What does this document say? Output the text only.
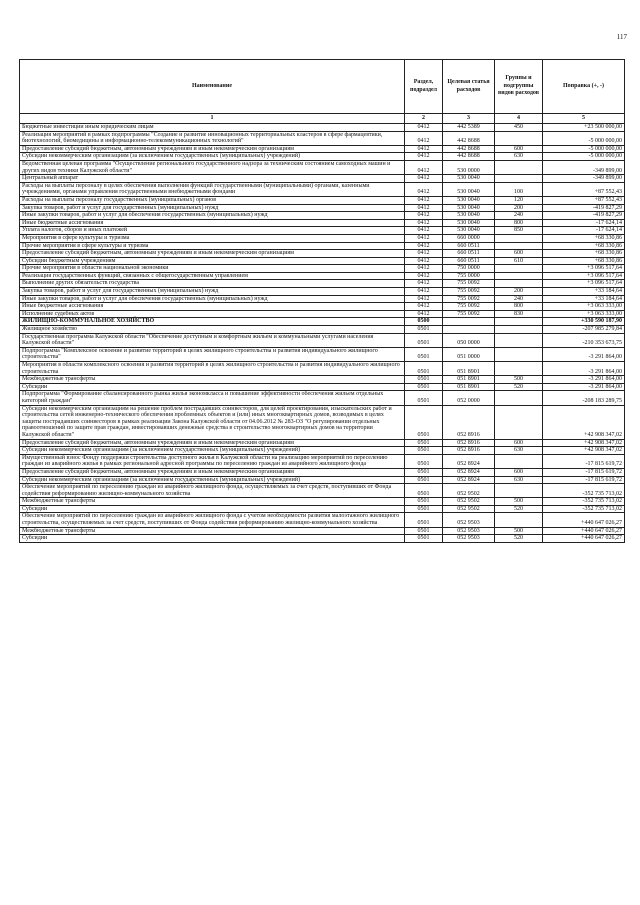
117
Наименование	Раздел, подраздел	Целевая статья расходов	Группы и подгруппы видов расходов	Поправка (+, -)
1	2	3	4	5
Бюджетные инвестиции иным юридическим лицам	0412	442 5389	450	+23 500 000,00
Реализация мероприятий в рамках подпрограммы "Создание и развитие инновационных территориальных кластеров в сфере фармацевтики, биотехнологий, биомедицины и информационно-телекоммуникационных технологий"	0412	442 8688		-5 000 000,00
Предоставление субсидий бюджетным, автономным учреждениям и иным некоммерческим организациям	0412	442 8688	600	-5 000 000,00
Субсидии некоммерческим организациям (за исключением государственных (муниципальных) учреждений)	0412	442 8688	630	-5 000 000,00
Ведомственная целевая программа "Осуществление регионального государственного надзора за техническим состоянием самоходных машин и других видов техники Калужской области"	0412	530 0000		-349 899,00
Центральный аппарат	0412	530 0040		-349 899,00
Расходы на выплаты персоналу в целях обеспечения выполнения функций государственными (муниципальными) органами, казенными учреждениями, органами управления государственными внебюджетными фондами	0412	530 0040	100	+87 552,43
Расходы на выплаты персоналу государственных (муниципальных) органов	0412	530 0040	120	+87 552,43
Закупка товаров, работ и услуг для государственных (муниципальных) нужд	0412	530 0040	200	-419 827,29
Иные закупки товаров, работ и услуг для обеспечения государственных (муниципальных) нужд	0412	530 0040	240	-419 827,29
Иные бюджетные ассигнования	0412	530 0040	800	-17 624,14
Уплата налогов, сборов и иных платежей	0412	530 0040	850	-17 624,14
Мероприятия в сфере культуры и туризма	0412	660 0000		+68 330,86
Прочие мероприятия в сфере культуры и туризма	0412	660 0511		+68 330,86
Предоставление субсидий бюджетным, автономным учреждениям и иным некоммерческим организациям	0412	660 0511	600	+68 330,86
Субсидии бюджетным учреждениям	0412	660 0511	610	+68 330,86
Прочие мероприятия в области национальной экономики	0412	750 0000		+3 096 517,64
Реализация государственных функций, связанных с общегосударственным управлением	0412	755 0000		+3 096 517,64
Выполнение других обязательств государства	0412	755 0092		+3 096 517,64
Закупка товаров, работ и услуг для государственных (муниципальных) нужд	0412	755 0092	200	+33 184,64
Иные закупки товаров, работ и услуг для обеспечения государственных (муниципальных) нужд	0412	755 0092	240	+33 184,64
Иные бюджетные ассигнования	0412	755 0092	800	+3 063 333,00
Исполнение судебных актов	0412	755 0092	830	+3 063 333,00
ЖИЛИЩНО-КОММУНАЛЬНОЕ ХОЗЯЙСТВО	0500			+330 590 187,90
Жилищное хозяйство	0501			-207 985 279,84
Государственная программа Калужской области "Обеспечение доступным и комфортным жильем и коммунальными услугами населения Калужской области"	0501	050 0000		-210 353 673,75
Подпрограмма "Комплексное освоение и развитие территорий в целях жилищного строительства и развития индивидуального жилищного строительства"	0501	051 0000		-3 291 864,00
Мероприятия в области комплексного освоения и развития территорий в целях жилищного строительства и развития индивидуального жилищного строительства	0501	051 8901		-3 291 864,00
Межбюджетные трансферты	0501	051 8901	500	-3 291 864,00
Субсидии	0501	051 8901	520	-3 291 864,00
Подпрограмма "Формирование сбалансированного рынка жилья экономкласса и повышение эффективности обеспечения жильем отдельных категорий граждан"	0501	052 0000		-208 183 289,75
Субсидии некоммерческим организациям на решение проблем пострадавших соинвесторов, для целей проектирования, изыскательских работ и строительства сетей инженерно-технического обеспечения проблемных объектов и (или) иных многоквартирных домов, возводимых в целях защиты пострадавших соинвесторов в рамках реализации Закона Калужской области от 04.06.2012 № 283-ОЗ "О регулировании отдельных правоотношений по защите прав граждан, инвестировавших денежные средства в строительство многоквартирных домов на территории Калужской области"	0501	052 8916		+42 908 347,02
Предоставление субсидий бюджетным, автономным учреждениям и иным некоммерческим организациям	0501	052 8916	600	+42 908 347,02
Субсидии некоммерческим организациям (за исключением государственных (муниципальных) учреждений)	0501	052 8916	630	+42 908 347,02
Имущественный взнос Фонду поддержки строительства доступного жилья в Калужской области на реализацию мероприятий по переселению граждан из аварийного жилья в рамках региональной адресной программы по переселению граждан из аварийного жилищного фонда	0501	052 8924		-17 815 619,72
Предоставление субсидий бюджетным, автономным учреждениям и иным некоммерческим организациям	0501	052 8924	600	-17 815 619,72
Субсидии некоммерческим организациям (за исключением государственных (муниципальных) учреждений)	0501	052 8924	630	-17 815 619,72
Обеспечение мероприятий по переселению граждан из аварийного жилищного фонда, осуществляемых за счет средств, поступивших от Фонда содействия реформированию жилищно-коммунального хозяйства	0501	052 9502		-352 735 713,02
Межбюджетные трансферты	0501	052 9502	500	-352 735 713,02
Субсидии	0501	052 9502	520	-352 735 713,02
Обеспечение мероприятий по переселению граждан из аварийного жилищного фонда с учетом необходимости развития малоэтажного жилищного строительства, осуществляемых за счет средств, поступивших от Фонда содействия реформированию жилищно-коммунального хозяйства	0501	052 9503		+440 647 026,27
Межбюджетные трансферты	0501	052 9503	500	+440 647 026,27
Субсидии	0501	052 9503	520	+440 647 026,27
